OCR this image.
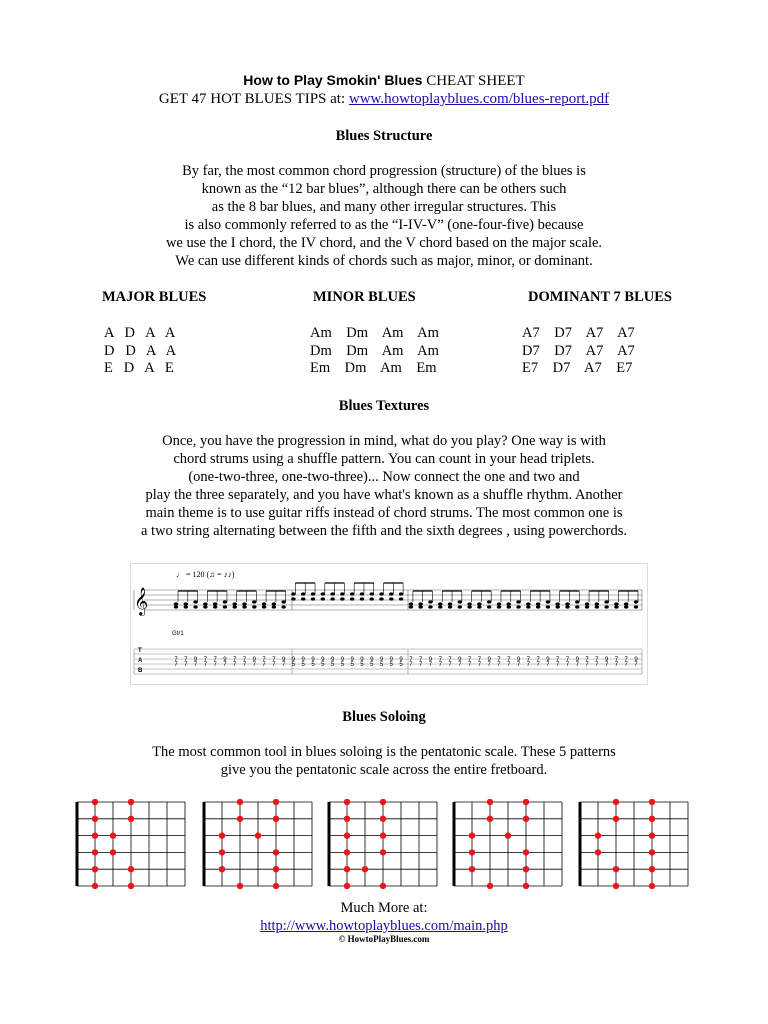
How to Play Smokin' Blues CHEAT SHEET
GET 47 HOT BLUES TIPS at: www.howtoplayblues.com/blues-report.pdf
Blues Structure
By far, the most common chord progression (structure) of the blues is
known as the “12 bar blues”, although there can be others such
as the 8 bar blues, and many other irregular structures. This
is also commonly referred to as the “I-IV-V” (one-four-five) because
we use the I chord, the IV chord, and the V chord based on the major scale.
We can use different kinds of chords such as major, minor, or dominant.
MAJOR BLUES
A   D   A   A
D   D   A   A
E   D   A   E
MINOR BLUES
Am    Dm    Am    Am
Dm    Dm    Am    Am
Em    Dm    Am    Em
DOMINANT 7 BLUES
A7    D7    A7    A7
D7    D7    A7    A7
E7    D7    A7    E7
Blues Textures
Once, you have the progression in mind, what do you play? One way is with
chord strums using a shuffle pattern. You can count in your head triplets.
(one-two-three, one-two-three)... Now connect the one and two and
play the three separately, and you have what's known as a shuffle rhythm. Another
main theme is to use guitar riffs instead of chord strums. The most common one is
a two string alternating between the fifth and the sixth degrees , using powerchords.
♩ = 120 (♫ = ♪♪)
𝄞
Gtr1
T
A
B
7
7
7
7
9
7
7
7
7
7
9
7
7
7
7
7
9
7
7
7
7
7
9
7
9
5
9
5
9
5
9
5
9
5
9
5
9
5
9
5
9
5
9
5
9
5
9
5
7
7
7
7
9
7
7
7
7
7
9
7
7
7
7
7
9
7
7
7
7
7
9
7
7
7
7
7
9
7
7
7
7
7
9
7
7
7
7
7
9
7
7
7
7
7
9
7
Blues Soloing
The most common tool in blues soloing is the pentatonic scale. These 5 patterns
give you the pentatonic scale across the entire fretboard.
Much More at:
http://www.howtoplayblues.com/main.php
© HowtoPlayBlues.com
